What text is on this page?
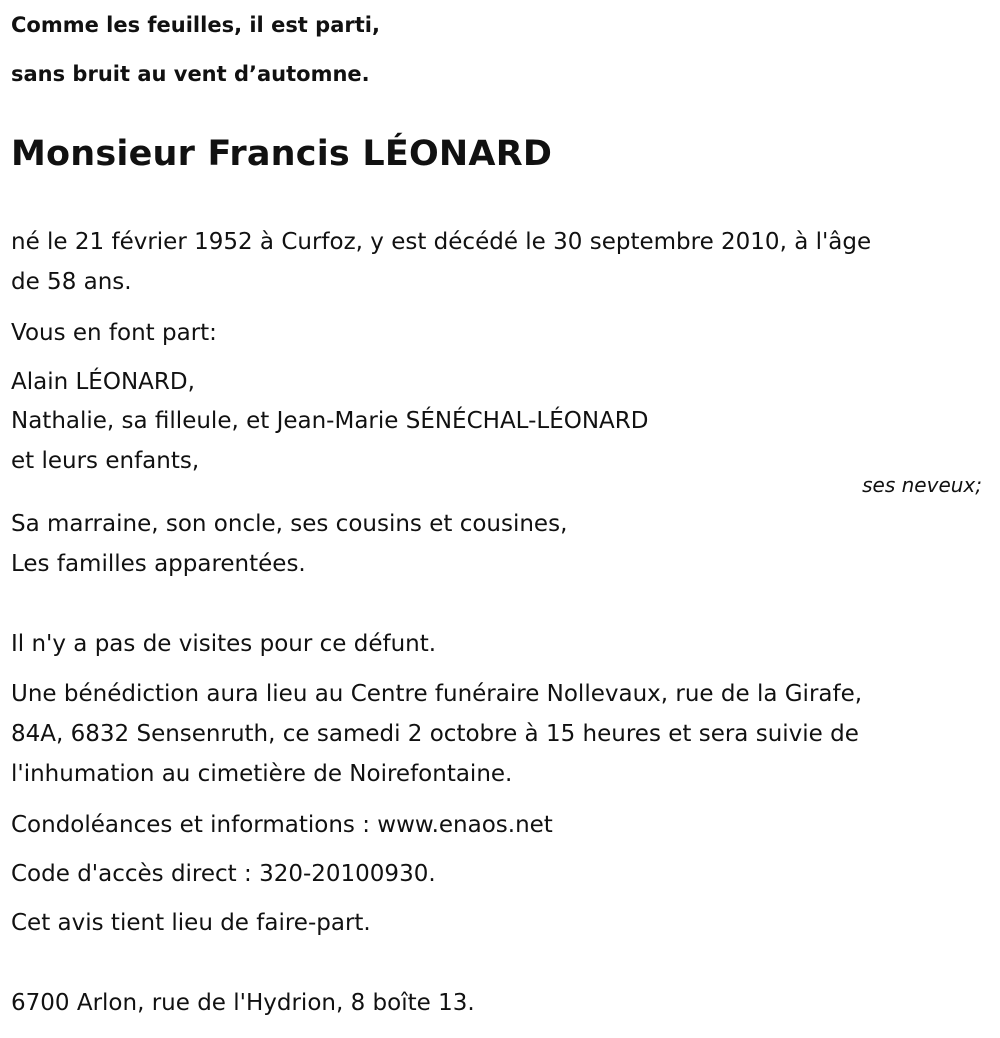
Comme les feuilles, il est parti,

sans bruit au vent d’automne.

Monsieur Francis LÉONARD

né le 21 février 1952 à Curfoz, y est décédé le 30 septembre 2010, à l'âge

de 58 ans.

Vous en font part:

Alain LÉONARD,

Nathalie, sa filleule, et Jean-Marie SÉNÉCHAL-LÉONARD

et leurs enfants,

ses neveux;

Sa marraine, son oncle, ses cousins et cousines,

Les familles apparentées.

Il n'y a pas de visites pour ce défunt.

Une bénédiction aura lieu au Centre funéraire Nollevaux, rue de la Girafe,

84A, 6832 Sensenruth, ce samedi 2 octobre à 15 heures et sera suivie de

l'inhumation au cimetière de Noirefontaine.

Condoléances et informations : www.enaos.net

Code d'accès direct : 320-20100930.

Cet avis tient lieu de faire-part.

6700 Arlon, rue de l'Hydrion, 8 boîte 13.
